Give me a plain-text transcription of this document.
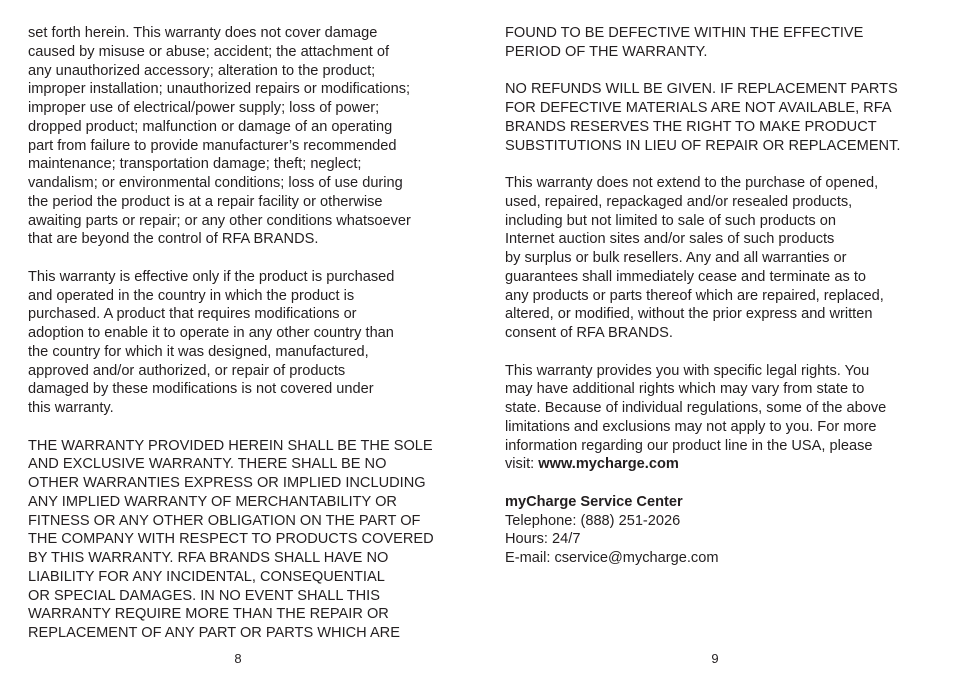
set forth herein. This warranty does not cover damage
caused by misuse or abuse; accident; the attachment of
any unauthorized accessory; alteration to the product;
improper installation; unauthorized repairs or modifications;
improper use of electrical/power supply; loss of power;
dropped product; malfunction or damage of an operating
part from failure to provide manufacturer’s recommended
maintenance; transportation damage; theft; neglect;
vandalism; or environmental conditions; loss of use during
the period the product is at a repair facility or otherwise
awaiting parts or repair; or any other conditions whatsoever
that are beyond the control of RFA BRANDS.
This warranty is effective only if the product is purchased
and operated in the country in which the product is
purchased. A product that requires modifications or
adoption to enable it to operate in any other country than
the country for which it was designed, manufactured,
approved and/or authorized, or repair of products
damaged by these modifications is not covered under
this warranty.
THE WARRANTY PROVIDED HEREIN SHALL BE THE SOLE
AND EXCLUSIVE WARRANTY. THERE SHALL BE NO
OTHER WARRANTIES EXPRESS OR IMPLIED INCLUDING
ANY IMPLIED WARRANTY OF MERCHANTABILITY OR
FITNESS OR ANY OTHER OBLIGATION ON THE PART OF
THE COMPANY WITH RESPECT TO PRODUCTS COVERED
BY THIS WARRANTY. RFA BRANDS SHALL HAVE NO
LIABILITY FOR ANY INCIDENTAL, CONSEQUENTIAL
OR SPECIAL DAMAGES. IN NO EVENT SHALL THIS
WARRANTY REQUIRE MORE THAN THE REPAIR OR
REPLACEMENT OF ANY PART OR PARTS WHICH ARE
FOUND TO BE DEFECTIVE WITHIN THE EFFECTIVE
PERIOD OF THE WARRANTY.
NO REFUNDS WILL BE GIVEN. IF REPLACEMENT PARTS
FOR DEFECTIVE MATERIALS ARE NOT AVAILABLE, RFA
BRANDS RESERVES THE RIGHT TO MAKE PRODUCT
SUBSTITUTIONS IN LIEU OF REPAIR OR REPLACEMENT.
This warranty does not extend to the purchase of opened,
used, repaired, repackaged and/or resealed products,
including but not limited to sale of such products on
Internet auction sites and/or sales of such products
by surplus or bulk resellers. Any and all warranties or
guarantees shall immediately cease and terminate as to
any products or parts thereof which are repaired, replaced,
altered, or modified, without the prior express and written
consent of RFA BRANDS.
This warranty provides you with specific legal rights. You
may have additional rights which may vary from state to
state. Because of individual regulations, some of the above
limitations and exclusions may not apply to you. For more
information regarding our product line in the USA, please
visit: www.mycharge.com
myCharge Service Center
Telephone: (888) 251-2026
Hours: 24/7
E-mail: cservice@mycharge.com
8	9
